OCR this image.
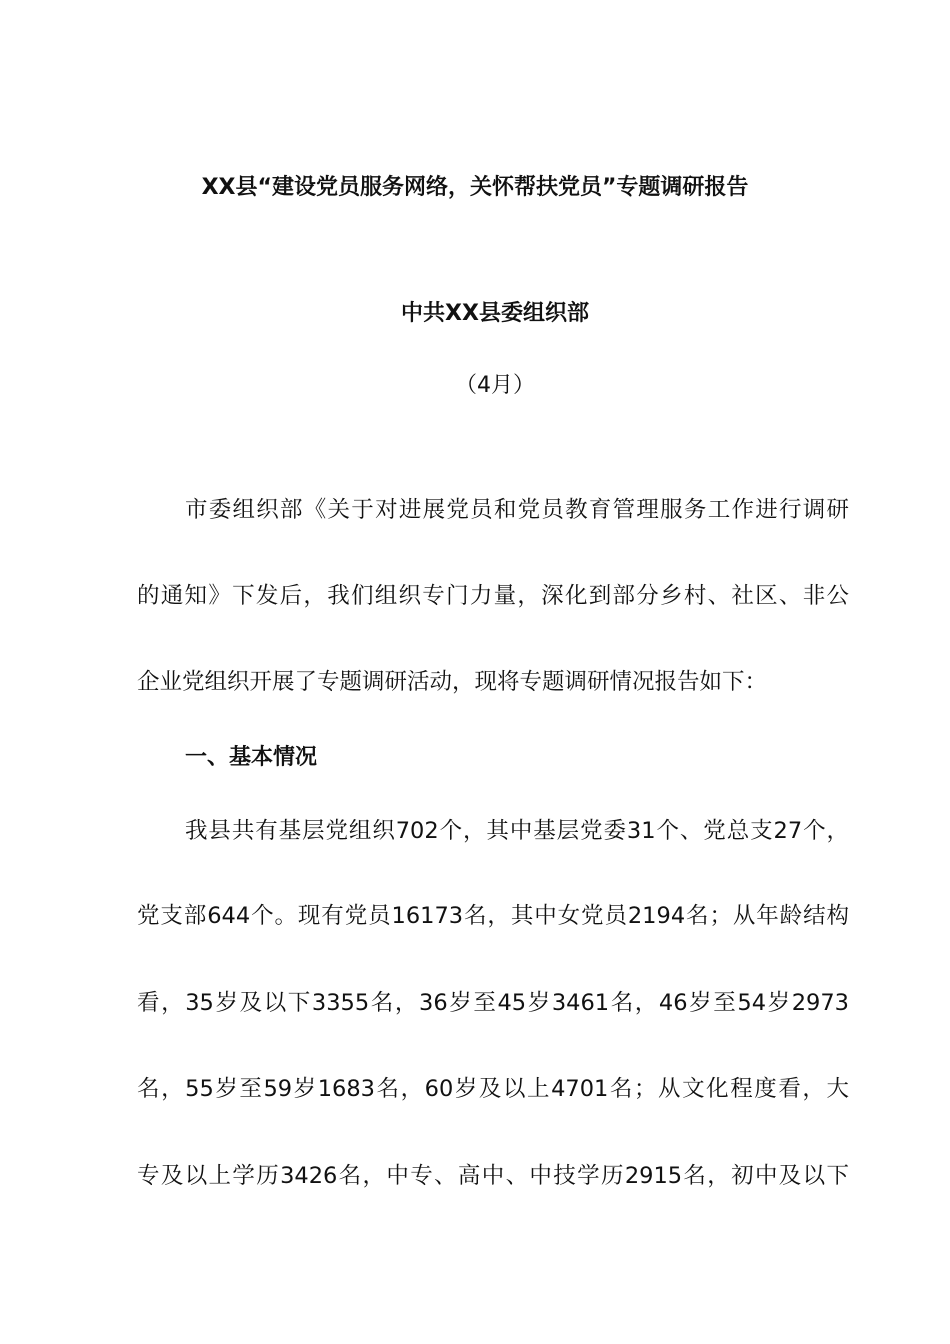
XX县“建设党员服务网络，关怀帮扶党员”专题调研报告
中共XX县委组织部
（4月）
市委组织部《关于对进展党员和党员教育管理服务工作进行调研
的通知》下发后，我们组织专门力量，深化到部分乡村、社区、非公
企业党组织开展了专题调研活动，现将专题调研情况报告如下：
一、基本情况
我县共有基层党组织702个，其中基层党委31个、党总支27个，
党支部644个。现有党员16173名，其中女党员2194名；从年龄结构
看，35岁及以下3355名，36岁至45岁3461名，46岁至54岁2973
名，55岁至59岁1683名，60岁及以上4701名；从文化程度看，大
专及以上学历3426名，中专、高中、中技学历2915名，初中及以下
